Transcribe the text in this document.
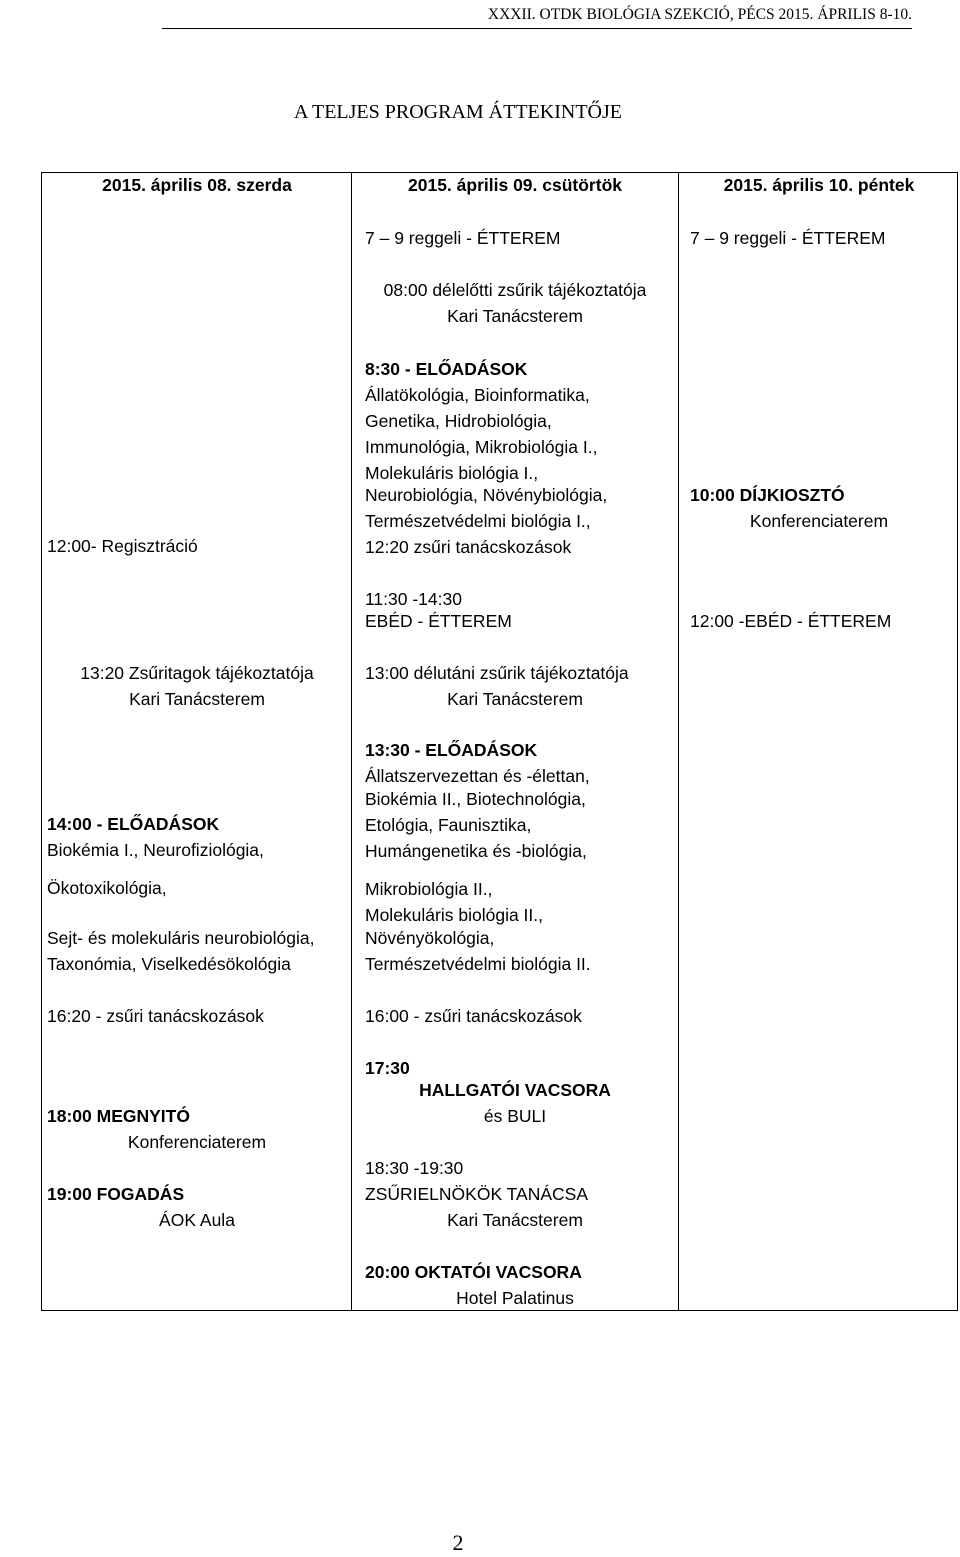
XXXII. OTDK BIOLÓGIA SZEKCIÓ, PÉCS 2015. ÁPRILIS 8-10.
A TELJES PROGRAM ÁTTEKINTŐJE
2015. április 08. szerda
12:00- Regisztráció
13:20 Zsűritagok tájékoztatója
Kari Tanácsterem
14:00 - ELŐADÁSOK
Biokémia I., Neurofiziológia,
Ökotoxikológia,
Sejt- és molekuláris neurobiológia,
Taxonómia, Viselkedésökológia
16:20 - zsűri tanácskozások
18:00 MEGNYITÓ
Konferenciaterem
19:00 FOGADÁS
ÁOK Aula
2015. április 09. csütörtök
7 – 9 reggeli - ÉTTEREM
08:00 délelőtti zsűrik tájékoztatója
Kari Tanácsterem
8:30 - ELŐADÁSOK
Állatökológia, Bioinformatika,
Genetika, Hidrobiológia,
Immunológia, Mikrobiológia I.,
Molekuláris biológia I.,
Neurobiológia, Növénybiológia,
Természetvédelmi biológia I.,
12:20 zsűri tanácskozások
11:30 -14:30
EBÉD - ÉTTEREM
13:00 délutáni zsűrik tájékoztatója
Kari Tanácsterem
13:30 - ELŐADÁSOK
Állatszervezettan és -élettan,
Biokémia II., Biotechnológia,
Etológia, Faunisztika,
Humángenetika és -biológia,
Mikrobiológia II.,
Molekuláris biológia II.,
Növényökológia,
Természetvédelmi biológia II.
16:00 - zsűri tanácskozások
17:30
HALLGATÓI VACSORA
és BULI
18:30 -19:30
ZSŰRIELNÖKÖK TANÁCSA
Kari Tanácsterem
20:00 OKTATÓI VACSORA
Hotel Palatinus
2015. április 10. péntek
7 – 9 reggeli - ÉTTEREM
10:00 DÍJKIOSZTÓ
Konferenciaterem
12:00 -EBÉD - ÉTTEREM
2
